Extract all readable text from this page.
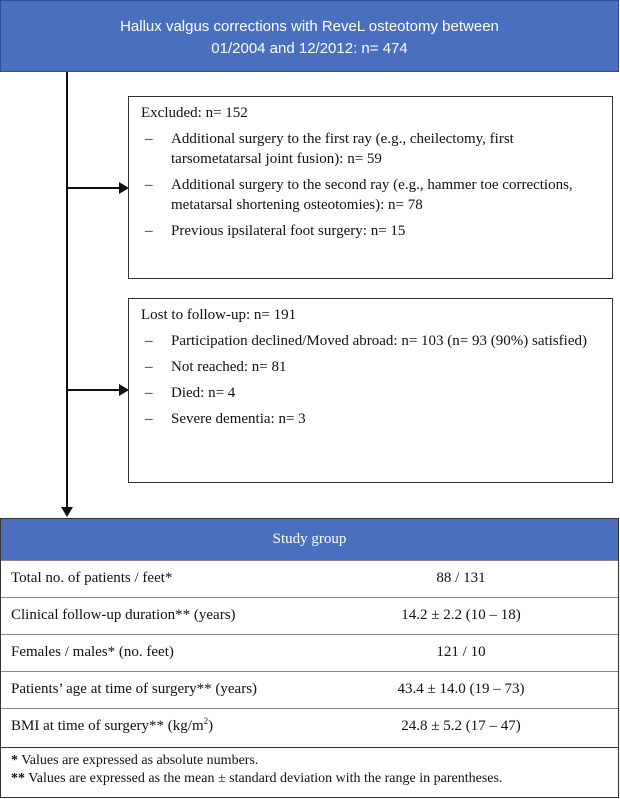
Hallux valgus corrections with ReveL osteotomy between
01/2004 and 12/2012: n= 474
Excluded: n= 152
– Additional surgery to the first ray (e.g., cheilectomy, first tarsometatarsal joint fusion): n= 59
– Additional surgery to the second ray (e.g., hammer toe corrections, metatarsal shortening osteotomies): n= 78
– Previous ipsilateral foot surgery: n= 15
Lost to follow-up: n= 191
– Participation declined/Moved abroad: n= 103 (n= 93 (90%) satisfied)
– Not reached: n= 81
– Died: n= 4
– Severe dementia: n= 3
Study group
Total no. of patients / feet*	88 / 131
Clinical follow-up duration** (years)	14.2 ± 2.2 (10 – 18)
Females / males* (no. feet)	121 / 10
Patients’ age at time of surgery** (years)	43.4 ± 14.0 (19 – 73)
BMI at time of surgery** $(kg/m^2)$	24.8 ± 5.2 (17 – 47)
* Values are expressed as absolute numbers.
** Values are expressed as the mean ± standard deviation with the range in parentheses.
